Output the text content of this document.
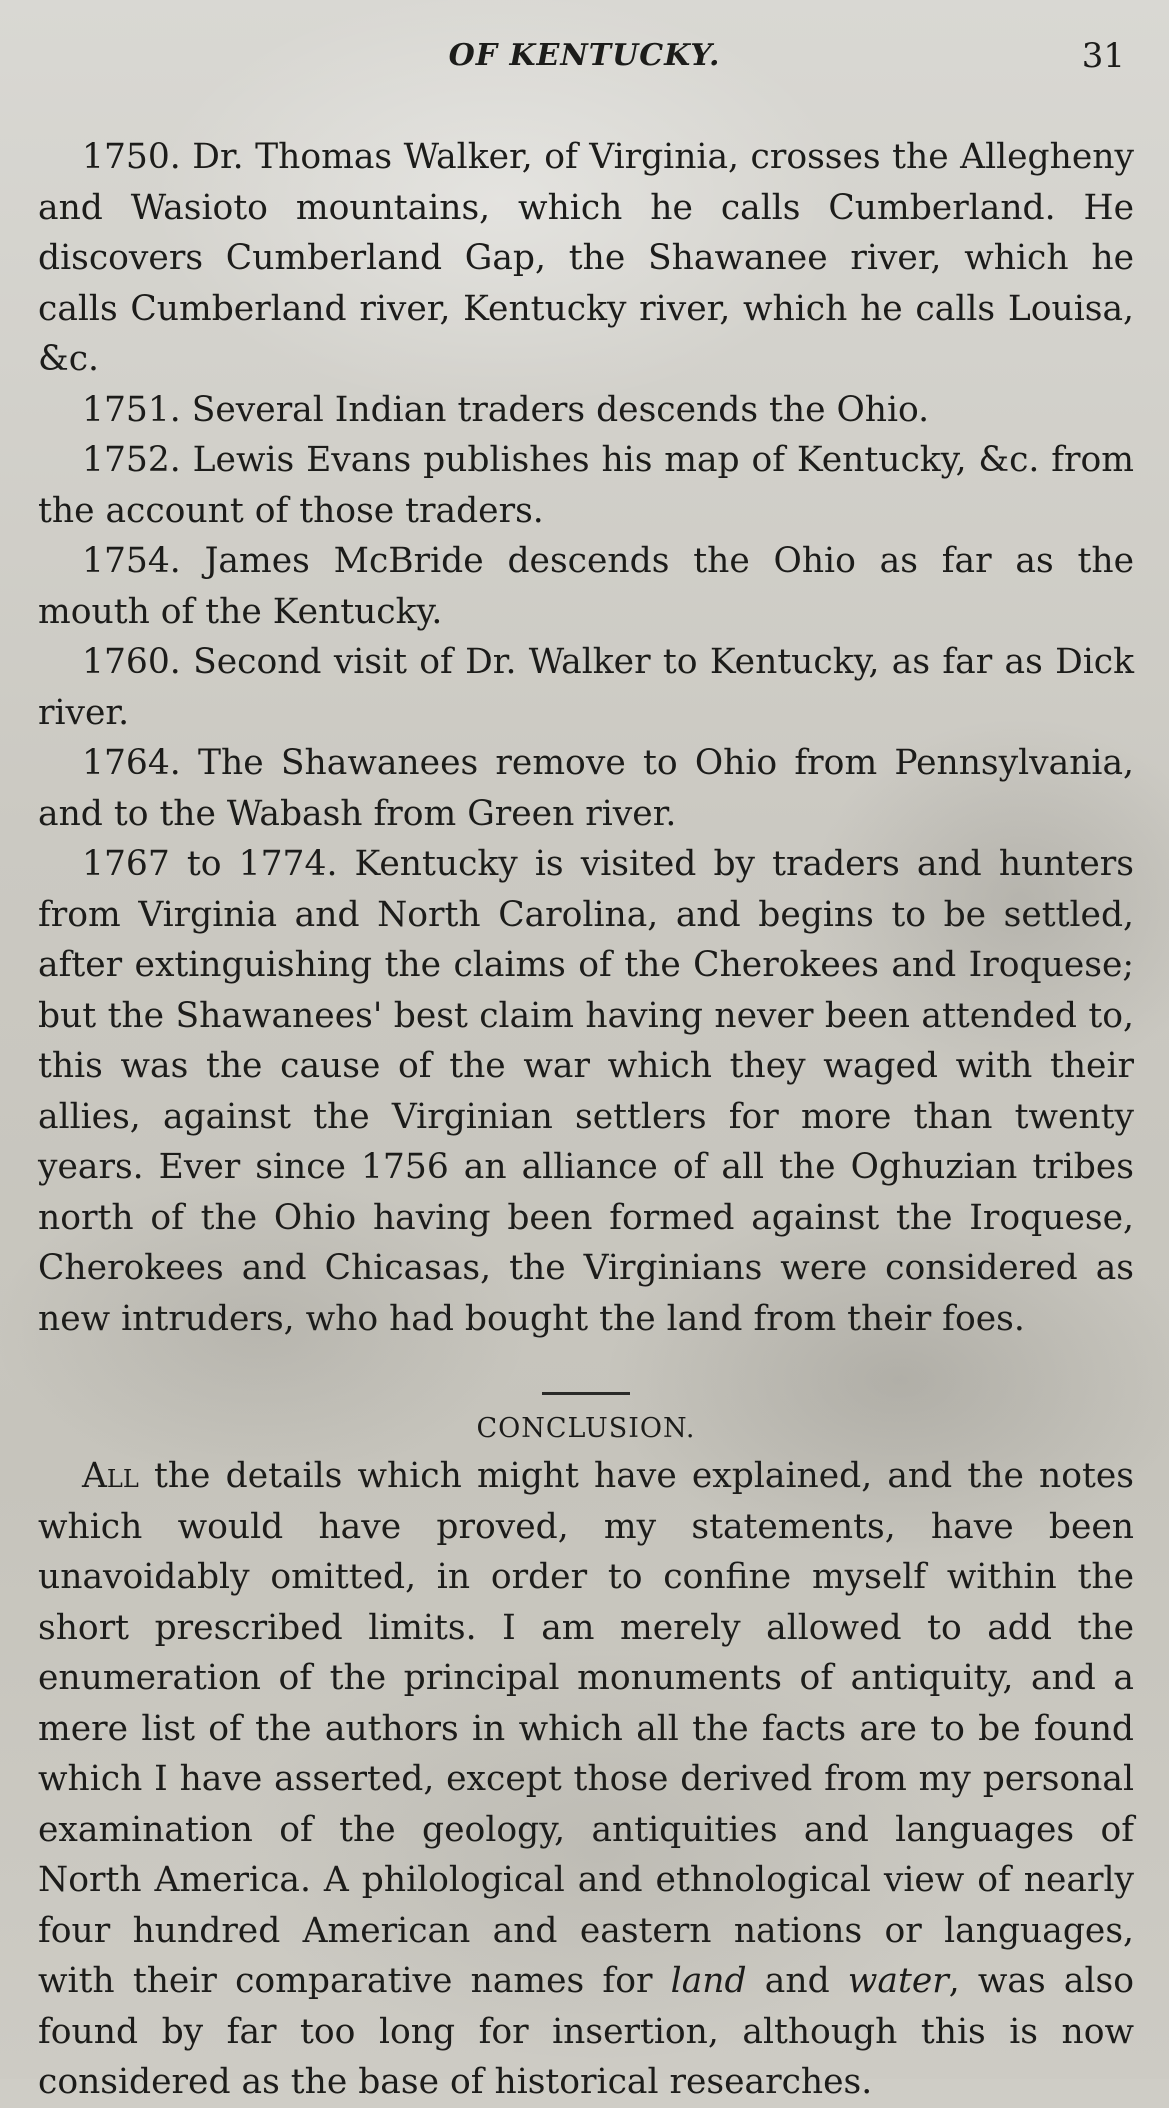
OF KENTUCKY.	31

1750. Dr. Thomas Walker, of Virginia, crosses the Allegheny and Wasioto mountains, which he calls Cumberland. He discovers Cumberland Gap, the Shawanee river, which he calls Cumberland river, Kentucky river, which he calls Louisa, &c.

1751. Several Indian traders descends the Ohio.

1752. Lewis Evans publishes his map of Kentucky, &c. from the account of those traders.

1754. James McBride descends the Ohio as far as the mouth of the Kentucky.

1760. Second visit of Dr. Walker to Kentucky, as far as Dick river.

1764. The Shawanees remove to Ohio from Pennsylvania, and to the Wabash from Green river.

1767 to 1774. Kentucky is visited by traders and hunters from Virginia and North Carolina, and begins to be settled, after extinguishing the claims of the Cherokees and Iroquese; but the Shawanees' best claim having never been attended to, this was the cause of the war which they waged with their allies, against the Virginian settlers for more than twenty years. Ever since 1756 an alliance of all the Oghuzian tribes north of the Ohio having been formed against the Iroquese, Cherokees and Chicasas, the Virginians were considered as new intruders, who had bought the land from their foes.

CONCLUSION.

All the details which might have explained, and the notes which would have proved, my statements, have been unavoidably omitted, in order to confine myself within the short prescribed limits. I am merely allowed to add the enumeration of the principal monuments of antiquity, and a mere list of the authors in which all the facts are to be found which I have asserted, except those derived from my personal examination of the geology, antiquities and languages of North America. A philological and ethnological view of nearly four hundred American and eastern nations or languages, with their comparative names for land and water, was also found by far too long for insertion, although this is now considered as the base of historical researches.
